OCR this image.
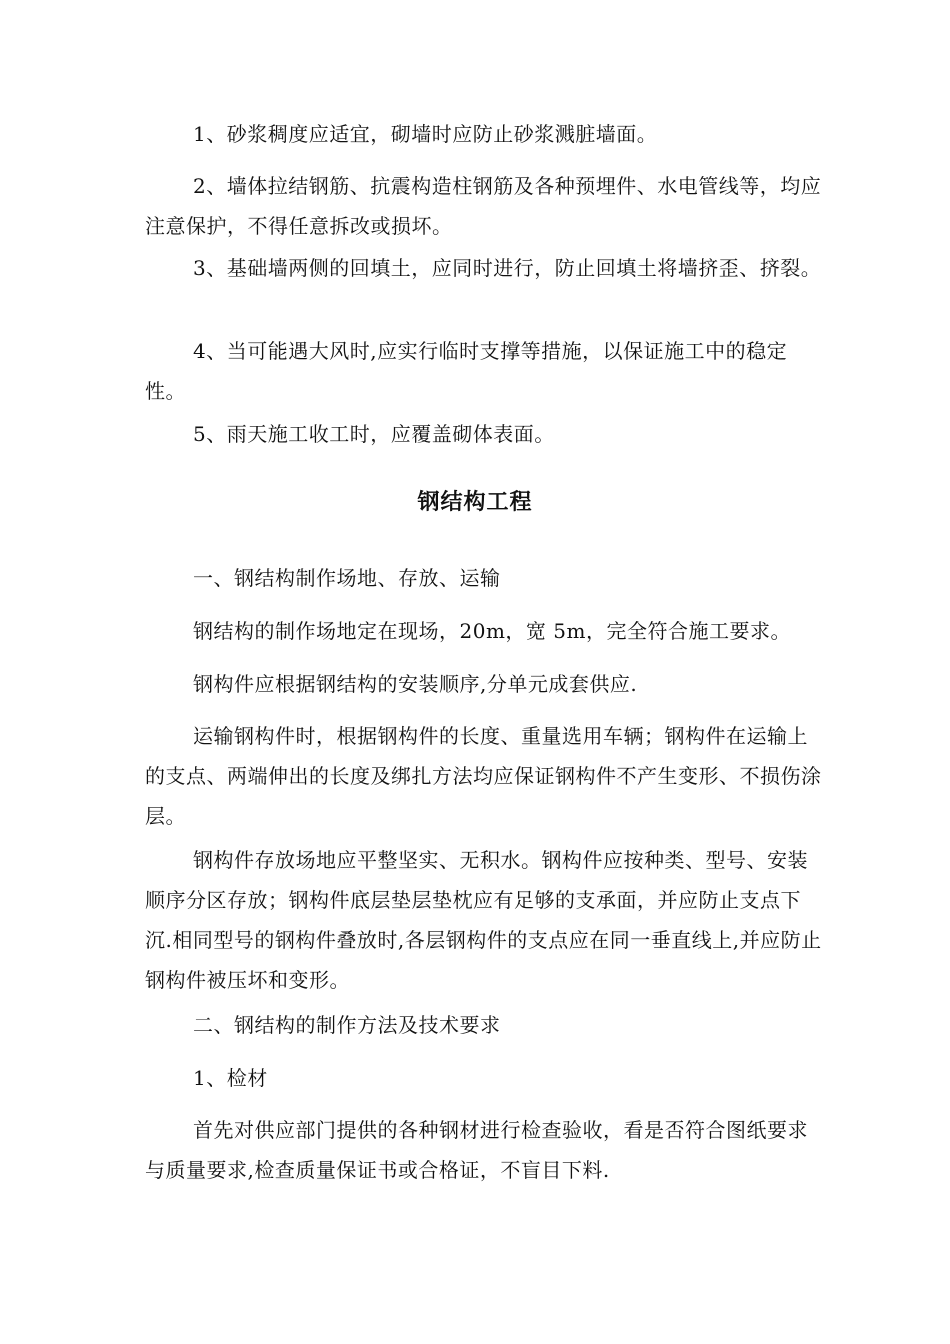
1、砂浆稠度应适宜，砌墙时应防止砂浆溅脏墙面。

2、墙体拉结钢筋、抗震构造柱钢筋及各种预埋件、水电管线等，均应注意保护，不得任意拆改或损坏。

3、基础墙两侧的回填土，应同时进行，防止回填土将墙挤歪、挤裂。

4、当可能遇大风时,应实行临时支撑等措施，以保证施工中的稳定性。

5、雨天施工收工时，应覆盖砌体表面。

钢结构工程

一、钢结构制作场地、存放、运输

钢结构的制作场地定在现场，20m，宽 5m，完全符合施工要求。

钢构件应根据钢结构的安装顺序,分单元成套供应.

运输钢构件时，根据钢构件的长度、重量选用车辆；钢构件在运输上的支点、两端伸出的长度及绑扎方法均应保证钢构件不产生变形、不损伤涂层。

钢构件存放场地应平整坚实、无积水。钢构件应按种类、型号、安装顺序分区存放；钢构件底层垫层垫枕应有足够的支承面，并应防止支点下沉.相同型号的钢构件叠放时,各层钢构件的支点应在同一垂直线上,并应防止钢构件被压坏和变形。

二、钢结构的制作方法及技术要求

1、检材

首先对供应部门提供的各种钢材进行检查验收，看是否符合图纸要求与质量要求,检查质量保证书或合格证，不盲目下料.
